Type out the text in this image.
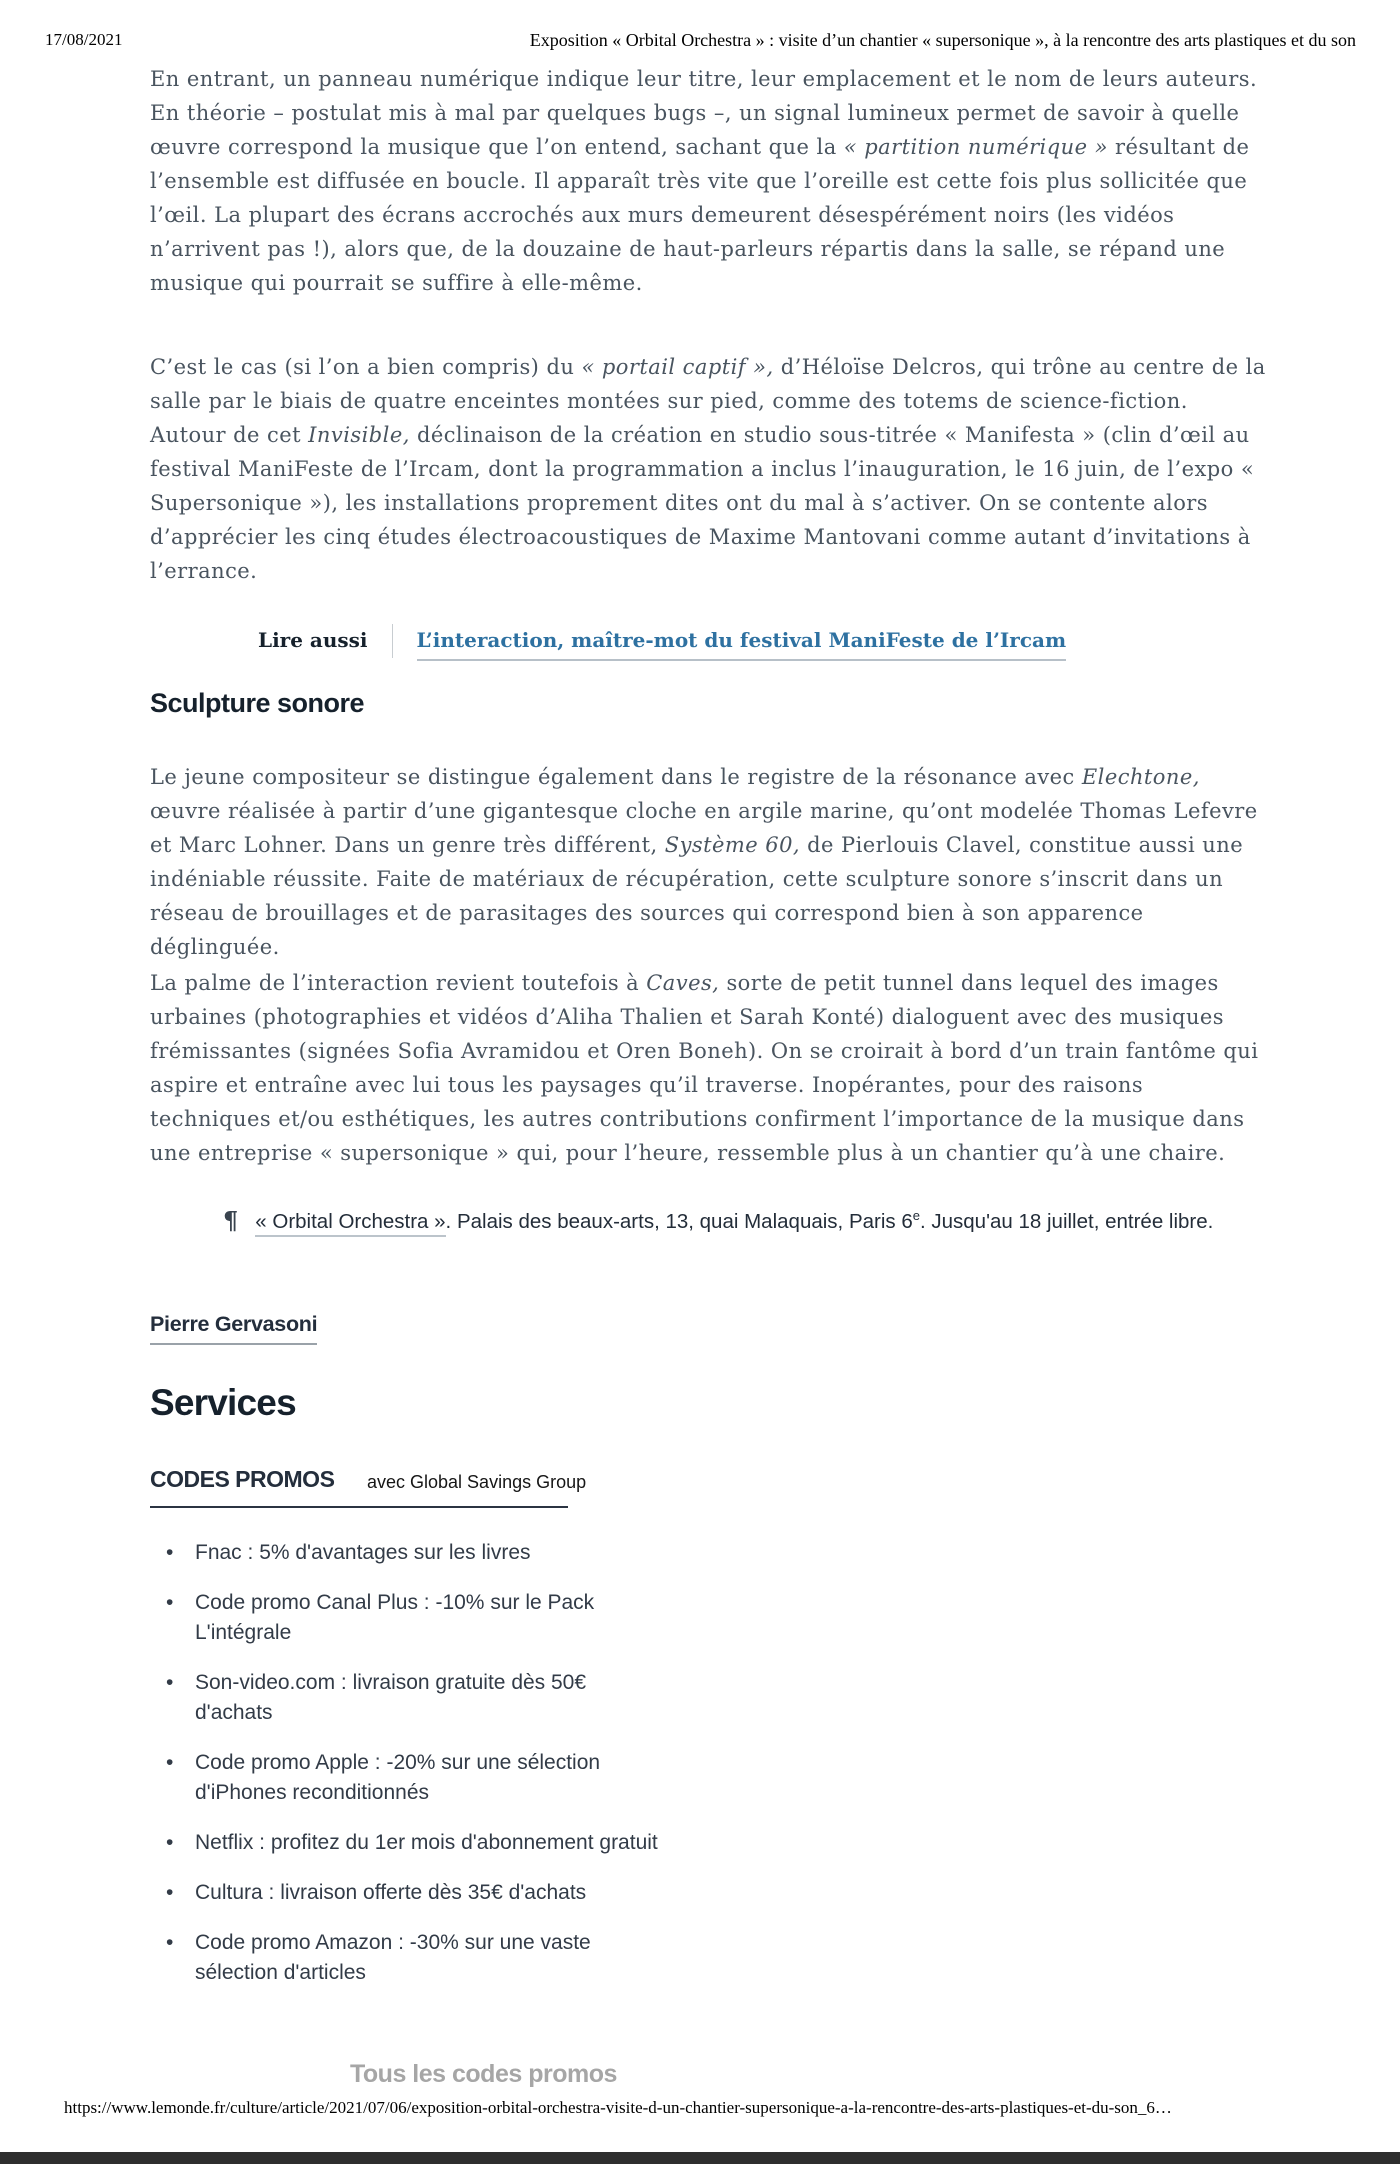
17/08/2021	Exposition « Orbital Orchestra » : visite d’un chantier « supersonique », à la rencontre des arts plastiques et du son

En entrant, un panneau numérique indique leur titre, leur emplacement et le nom de leurs auteurs. En théorie – postulat mis à mal par quelques bugs –, un signal lumineux permet de savoir à quelle œuvre correspond la musique que l’on entend, sachant que la « partition numérique » résultant de l’ensemble est diffusée en boucle. Il apparaît très vite que l’oreille est cette fois plus sollicitée que l’œil. La plupart des écrans accrochés aux murs demeurent désespérément noirs (les vidéos n’arrivent pas !), alors que, de la douzaine de haut-parleurs répartis dans la salle, se répand une musique qui pourrait se suffire à elle-même.

C’est le cas (si l’on a bien compris) du « portail captif », d’Héloïse Delcros, qui trône au centre de la salle par le biais de quatre enceintes montées sur pied, comme des totems de science-fiction. Autour de cet Invisible, déclinaison de la création en studio sous-titrée « Manifesta » (clin d’œil au festival ManiFeste de l’Ircam, dont la programmation a inclus l’inauguration, le 16 juin, de l’expo « Supersonique »), les installations proprement dites ont du mal à s’activer. On se contente alors d’apprécier les cinq études électroacoustiques de Maxime Mantovani comme autant d’invitations à l’errance.

Lire aussi L’interaction, maître-mot du festival ManiFeste de l’Ircam
Sculpture sonore

Le jeune compositeur se distingue également dans le registre de la résonance avec Elechtone, œuvre réalisée à partir d’une gigantesque cloche en argile marine, qu’ont modelée Thomas Lefevre et Marc Lohner. Dans un genre très différent, Système 60, de Pierlouis Clavel, constitue aussi une indéniable réussite. Faite de matériaux de récupération, cette sculpture sonore s’inscrit dans un réseau de brouillages et de parasitages des sources qui correspond bien à son apparence déglinguée.

La palme de l’interaction revient toutefois à Caves, sorte de petit tunnel dans lequel des images urbaines (photographies et vidéos d’Aliha Thalien et Sarah Konté) dialoguent avec des musiques frémissantes (signées Sofia Avramidou et Oren Boneh). On se croirait à bord d’un train fantôme qui aspire et entraîne avec lui tous les paysages qu’il traverse. Inopérantes, pour des raisons techniques et/ou esthétiques, les autres contributions confirment l’importance de la musique dans une entreprise « supersonique » qui, pour l’heure, ressemble plus à un chantier qu’à une chaire.

¶ « Orbital Orchestra ». Palais des beaux-arts, 13, quai Malaquais, Paris 6e. Jusqu'au 18 juillet, entrée libre.
Pierre Gervasoni
Services
CODES PROMOS avec Global Savings Group
• Fnac : 5% d'avantages sur les livres
• Code promo Canal Plus : -10% sur le Pack L'intégrale
• Son-video.com : livraison gratuite dès 50€ d'achats
• Code promo Apple : -20% sur une sélection d'iPhones reconditionnés
• Netflix : profitez du 1er mois d'abonnement gratuit
• Cultura : livraison offerte dès 35€ d'achats
• Code promo Amazon : -30% sur une vaste sélection d'articles
Tous les codes promos
https://www.lemonde.fr/culture/article/2021/07/06/exposition-orbital-orchestra-visite-d-un-chantier-supersonique-a-la-rencontre-des-arts-plastiques-et-du-son_6…
